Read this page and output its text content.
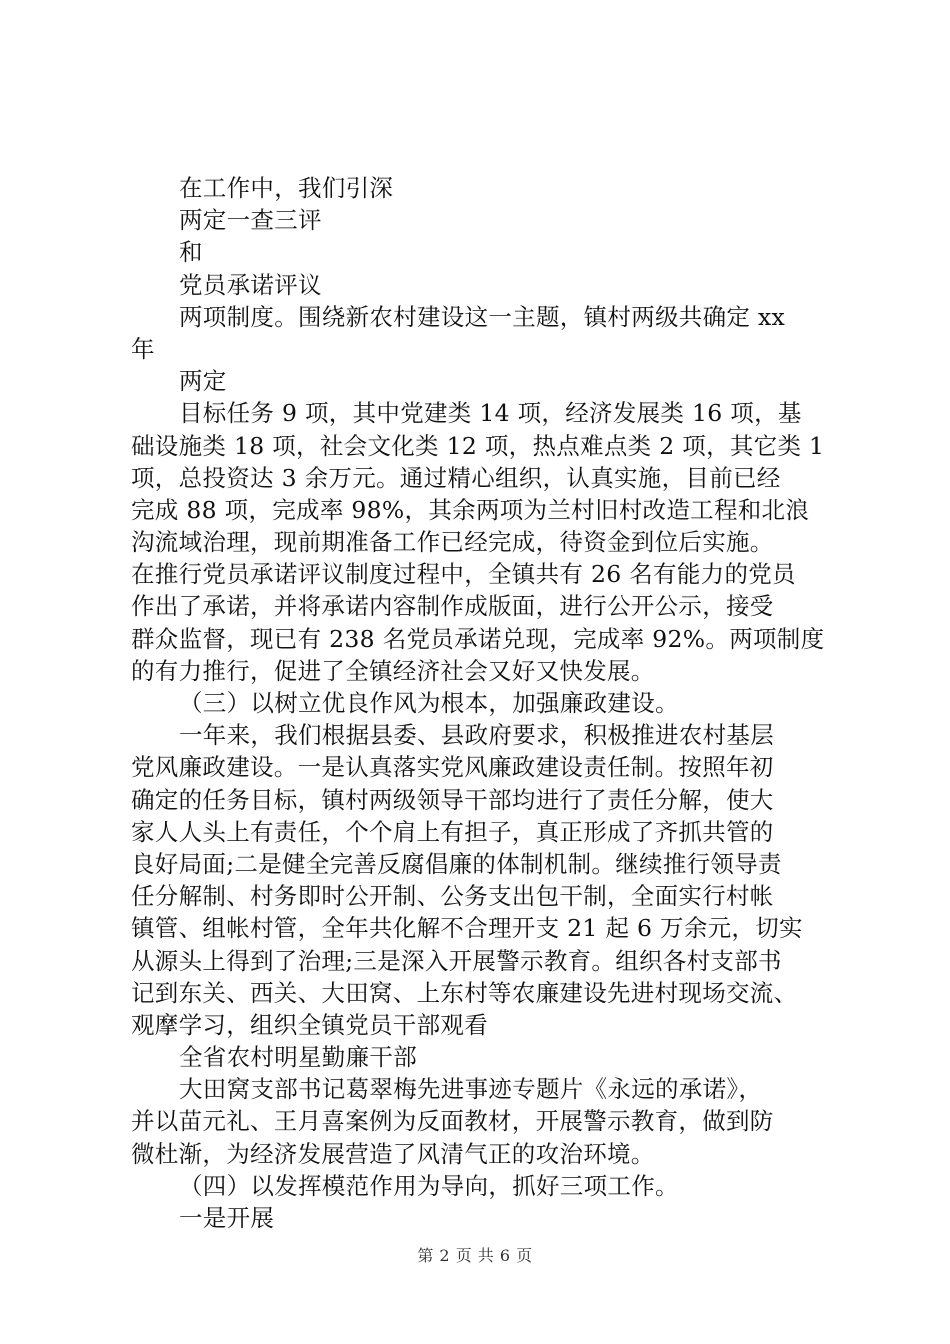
在工作中，我们引深
两定一查三评
和
党员承诺评议
两项制度。围绕新农村建设这一主题，镇村两级共确定 xx
年
两定
目标任务 9 项，其中党建类 14 项，经济发展类 16 项，基
础设施类 18 项，社会文化类 12 项，热点难点类 2 项，其它类 1
项，总投资达 3 余万元。通过精心组织，认真实施，目前已经
完成 88 项，完成率 98%，其余两项为兰村旧村改造工程和北浪
沟流域治理，现前期准备工作已经完成，待资金到位后实施。
在推行党员承诺评议制度过程中，全镇共有 26 名有能力的党员
作出了承诺，并将承诺内容制作成版面，进行公开公示，接受
群众监督，现已有 238 名党员承诺兑现，完成率 92%。两项制度
的有力推行，促进了全镇经济社会又好又快发展。
（三）以树立优良作风为根本，加强廉政建设。
一年来，我们根据县委、县政府要求，积极推进农村基层
党风廉政建设。一是认真落实党风廉政建设责任制。按照年初
确定的任务目标，镇村两级领导干部均进行了责任分解，使大
家人人头上有责任，个个肩上有担子，真正形成了齐抓共管的
良好局面;二是健全完善反腐倡廉的体制机制。继续推行领导责
任分解制、村务即时公开制、公务支出包干制，全面实行村帐
镇管、组帐村管，全年共化解不合理开支 21 起 6 万余元，切实
从源头上得到了治理;三是深入开展警示教育。组织各村支部书
记到东关、西关、大田窝、上东村等农廉建设先进村现场交流、
观摩学习，组织全镇党员干部观看
全省农村明星勤廉干部
大田窝支部书记葛翠梅先进事迹专题片《永远的承诺》，
并以苗元礼、王月喜案例为反面教材，开展警示教育，做到防
微杜渐，为经济发展营造了风清气正的攻治环境。
（四）以发挥模范作用为导向，抓好三项工作。
一是开展
第 2 页 共 6 页
